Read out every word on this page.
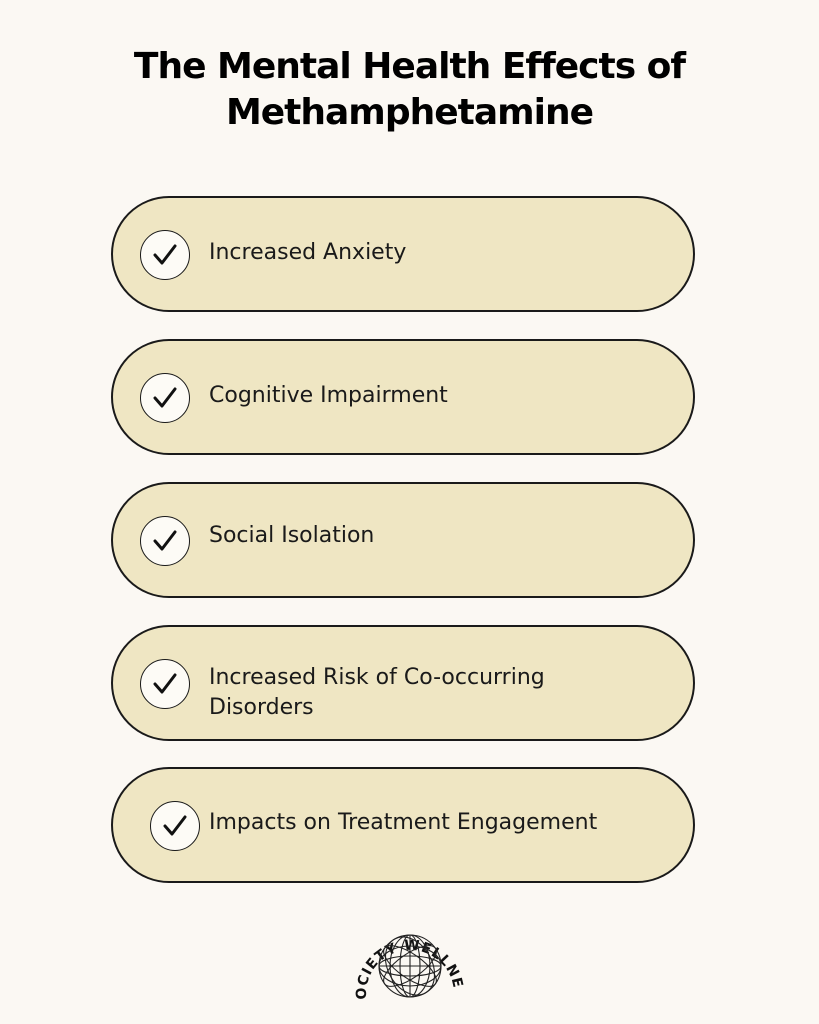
The Mental Health Effects of
Methamphetamine
Increased Anxiety
Cognitive Impairment
Social Isolation
Increased Risk of Co-occurring Disorders
Impacts on Treatment Engagement
OCIETY WELLNE
